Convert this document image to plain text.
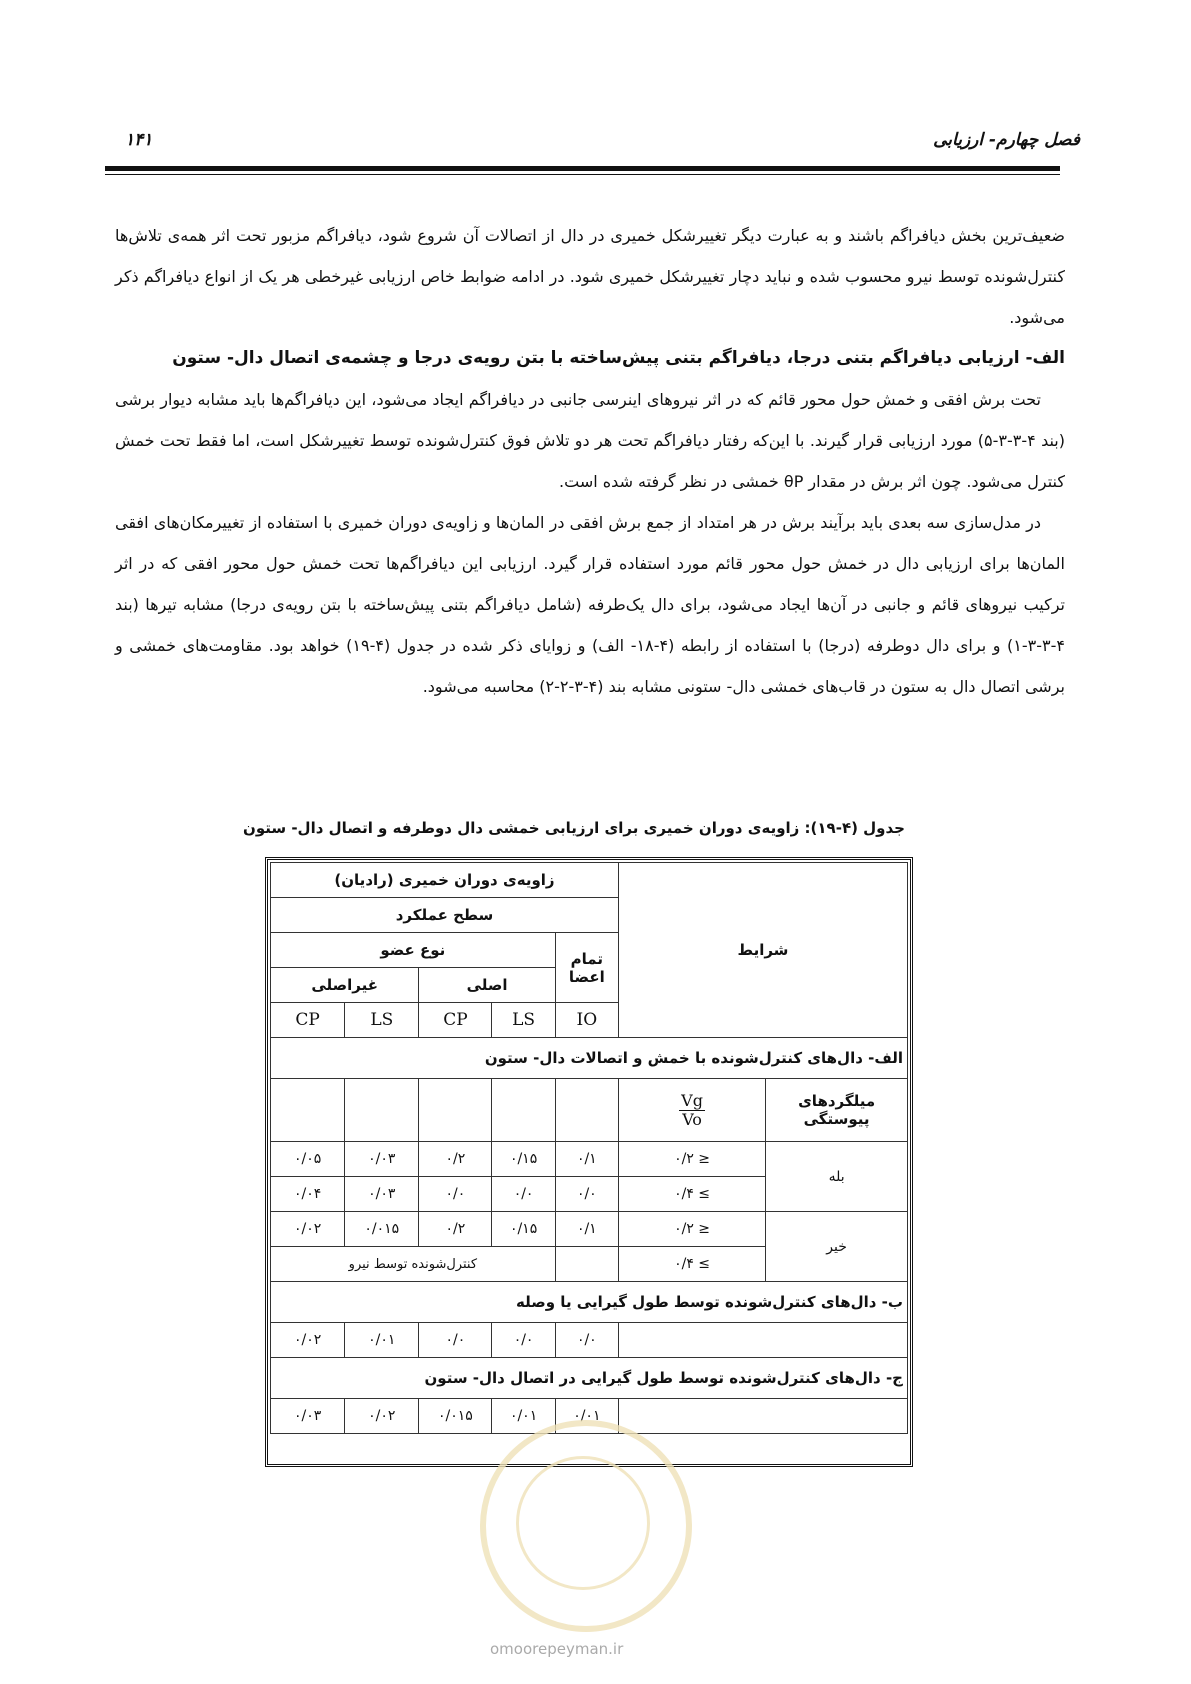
فصل چهارم- ارزیابی
۱۴۱

ضعیف‌ترین بخش دیافراگم باشند و به عبارت دیگر تغییرشکل خمیری در دال از اتصالات آن شروع شود، دیافراگم مزبور تحت اثر همه‌ی تلاش‌ها کنترل‌شونده توسط نیرو محسوب شده و نباید دچار تغییرشکل خمیری شود. در ادامه ضوابط خاص ارزیابی غیرخطی هر یک از انواع دیافراگم ذکر می‌شود.

الف- ارزیابی دیافراگم بتنی درجا، دیافراگم بتنی پیش‌ساخته با بتن رویه‌ی درجا و چشمه‌ی اتصال دال- ستون

تحت برش افقی و خمش حول محور قائم که در اثر نیروهای اینرسی جانبی در دیافراگم ایجاد می‌شود، این دیافراگم‌ها باید مشابه دیوار برشی (بند ۴-۳-۳-۵) مورد ارزیابی قرار گیرند. با این‌که رفتار دیافراگم تحت هر دو تلاش فوق کنترل‌شونده توسط تغییرشکل است، اما فقط تحت خمش کنترل می‌شود. چون اثر برش در مقدار θP خمشی در نظر گرفته شده است.

در مدل‌سازی سه بعدی باید برآیند برش در هر امتداد از جمع برش افقی در المان‌ها و زاویه‌ی دوران خمیری با استفاده از تغییرمکان‌های افقی المان‌ها برای ارزیابی دال در خمش حول محور قائم مورد استفاده قرار گیرد. ارزیابی این دیافراگم‌ها تحت خمش حول محور افقی که در اثر ترکیب نیروهای قائم و جانبی در آن‌ها ایجاد می‌شود، برای دال یک‌طرفه (شامل دیافراگم بتنی پیش‌ساخته با بتن رویه‌ی درجا) مشابه تیرها (بند ۴-۳-۳-۱) و برای دال دوطرفه (درجا) با استفاده از رابطه (۴-۱۸- الف) و زوایای ذکر شده در جدول (۴-۱۹) خواهد بود. مقاومت‌های خمشی و برشی اتصال دال به ستون در قاب‌های خمشی دال- ستونی مشابه بند (۴-۳-۲-۲) محاسبه می‌شود.

جدول (۴-۱۹): زاویه‌ی دوران خمیری برای ارزیابی خمشی دال دوطرفه و اتصال دال- ستون
شرایط		زاویه‌ی دوران خمیری (رادیان)				
		سطح عملکرد				
		تمام اعضا	نوع عضو			
			اصلی		غیراصلی	
		IO	LS	CP	LS	CP
الف- دال‌های کنترل‌شونده با خمش و اتصالات دال- ستون						
میلگردهای پیوستگی	$\frac{Vg}{Vo}$

بله	≤ ۰/۲	۰/۱	۰/۱۵	۰/۲	۰/۰۳	۰/۰۵
	≥ ۰/۴	۰/۰	۰/۰	۰/۰	۰/۰۳	۰/۰۴
خیر	≤ ۰/۲	۰/۱	۰/۱۵	۰/۲	۰/۰۱۵	۰/۰۲
	≥ ۰/۴		کنترل‌شونده توسط نیرو			
ب- دال‌های کنترل‌شونده توسط طول گیرایی یا وصله						
		۰/۰	۰/۰	۰/۰	۰/۰۱	۰/۰۲
ج- دال‌های کنترل‌شونده توسط طول گیرایی در اتصال دال- ستون						
		۰/۰۱	۰/۰۱	۰/۰۱۵	۰/۰۲	۰/۰۳
omoorepeyman.ir
